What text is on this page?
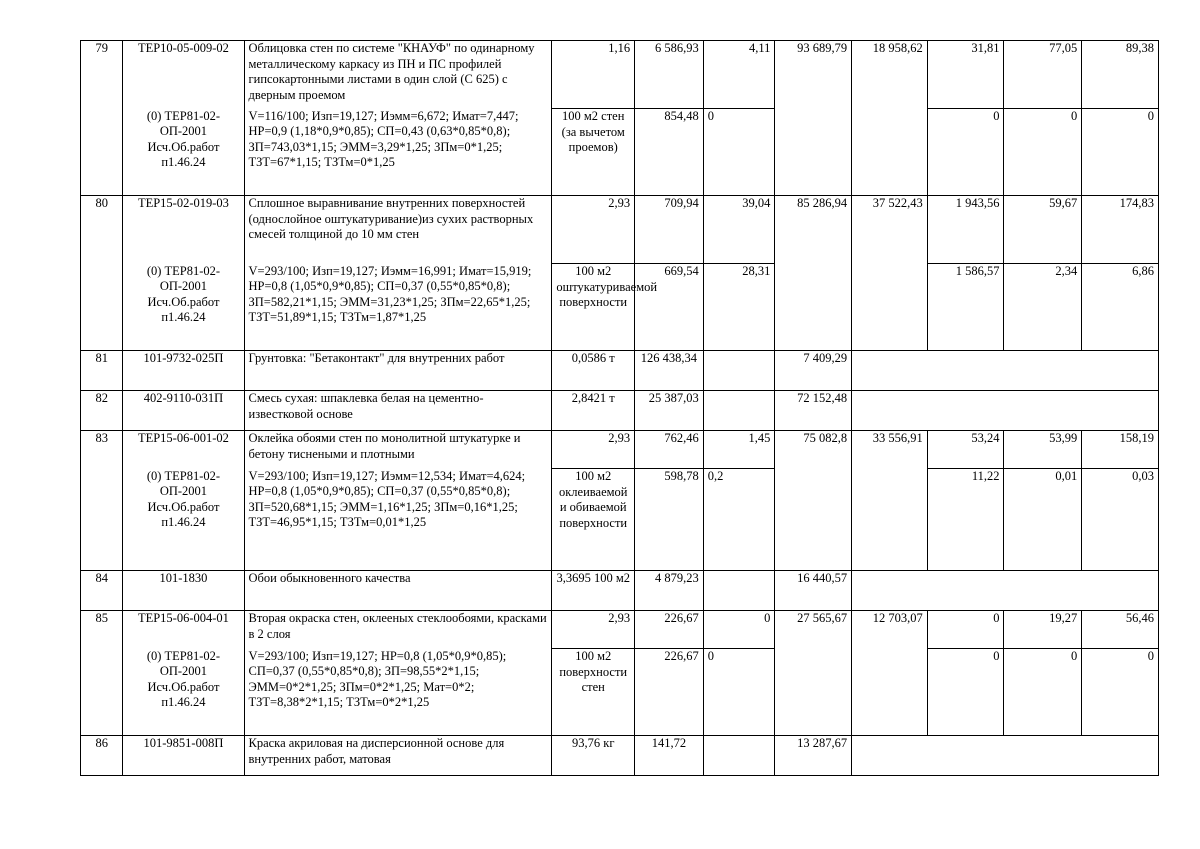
79	ТЕР10-05-009-02	Облицовка стен по системе "КНАУФ" по одинарному металлическому каркасу из ПН и ПС профилей гипсокартонными листами в один слой (С 625) с дверным проемом	1,16	6 586,93	4,11	93 689,79	18 958,62	31,81	77,05	89,38
	(0) ТЕР81-02-ОП-2001 Исч.Об.работ п1.46.24	V=116/100; Изп=19,127; Иэмм=6,672; Имат=7,447; НР=0,9 (1,18*0,9*0,85); СП=0,43 (0,63*0,85*0,8); ЗП=743,03*1,15; ЭММ=3,29*1,25; ЗПм=0*1,25; ТЗТ=67*1,15; ТЗТм=0*1,25	100 м2 стен (за вычетом проемов)	854,48	0			0	0	0
80	ТЕР15-02-019-03	Сплошное выравнивание внутренних поверхностей (однослойное оштукатуривание)из сухих растворных смесей толщиной до 10 мм стен	2,93	709,94	39,04	85 286,94	37 522,43	1 943,56	59,67	174,83
	(0) ТЕР81-02-ОП-2001 Исч.Об.работ п1.46.24	V=293/100; Изп=19,127; Иэмм=16,991; Имат=15,919; НР=0,8 (1,05*0,9*0,85); СП=0,37 (0,55*0,85*0,8); ЗП=582,21*1,15; ЭММ=31,23*1,25; ЗПм=22,65*1,25; ТЗТ=51,89*1,15; ТЗТм=1,87*1,25	100 м2 оштукатуриваемой поверхности	669,54	28,31			1 586,57	2,34	6,86
81	101-9732-025П	Грунтовка: "Бетаконтакт" для внутренних работ	0,0586 т	126 438,34		7 409,29				
82	402-9110-031П	Смесь сухая: шпаклевка белая на цементно-известковой основе	2,8421 т	25 387,03		72 152,48				
83	ТЕР15-06-001-02	Оклейка обоями стен по монолитной штукатурке и бетону тиснеными и плотными	2,93	762,46	1,45	75 082,8	33 556,91	53,24	53,99	158,19
	(0) ТЕР81-02-ОП-2001 Исч.Об.работ п1.46.24	V=293/100; Изп=19,127; Иэмм=12,534; Имат=4,624; НР=0,8 (1,05*0,9*0,85); СП=0,37 (0,55*0,85*0,8); ЗП=520,68*1,15; ЭММ=1,16*1,25; ЗПм=0,16*1,25; ТЗТ=46,95*1,15; ТЗТм=0,01*1,25	100 м2 оклеиваемой и обиваемой поверхности	598,78	0,2			11,22	0,01	0,03
84	101-1830	Обои обыкновенного качества	3,3695 100 м2	4 879,23		16 440,57				
85	ТЕР15-06-004-01	Вторая окраска стен, оклееных стеклообоями, красками в 2 слоя	2,93	226,67	0	27 565,67	12 703,07	0	19,27	56,46
	(0) ТЕР81-02-ОП-2001 Исч.Об.работ п1.46.24	V=293/100; Изп=19,127; НР=0,8 (1,05*0,9*0,85); СП=0,37 (0,55*0,85*0,8); ЗП=98,55*2*1,15; ЭММ=0*2*1,25; ЗПм=0*2*1,25; Мат=0*2; ТЗТ=8,38*2*1,15; ТЗТм=0*2*1,25	100 м2 поверхности стен	226,67	0			0	0	0
86	101-9851-008П	Краска акриловая на дисперсионной основе для внутренних работ, матовая	93,76 кг	141,72		13 287,67				
